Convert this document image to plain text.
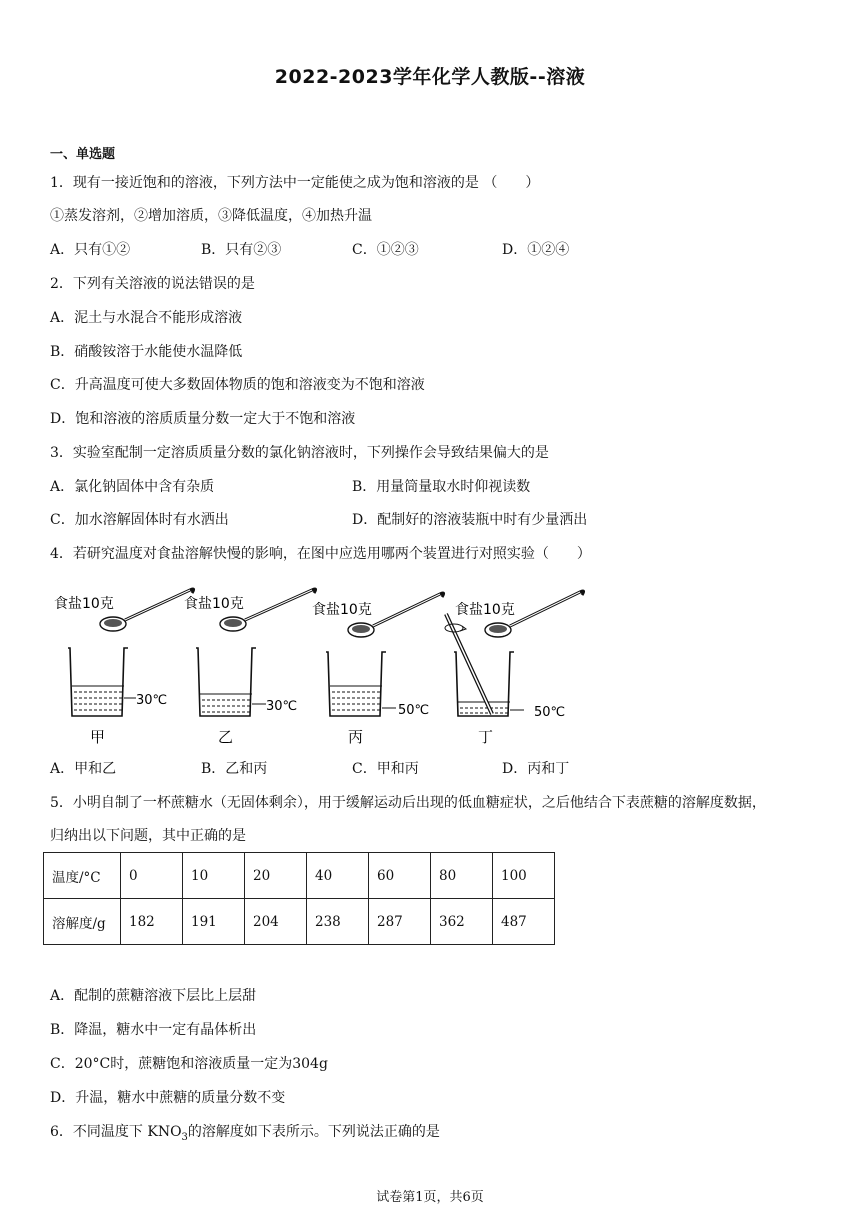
2022-2023学年化学人教版--溶液
一、单选题
1．现有一接近饱和的溶液，下列方法中一定能使之成为饱和溶液的是 （　　）
①蒸发溶剂，②增加溶质，③降低温度，④加热升温
A．只有①②	B．只有②③	C．①②③	D．①②④
2．下列有关溶液的说法错误的是
A．泥土与水混合不能形成溶液
B．硝酸铵溶于水能使水温降低
C．升高温度可使大多数固体物质的饱和溶液变为不饱和溶液
D．饱和溶液的溶质质量分数一定大于不饱和溶液
3．实验室配制一定溶质质量分数的氯化钠溶液时，下列操作会导致结果偏大的是
A．氯化钠固体中含有杂质	B．用量筒量取水时仰视读数
C．加水溶解固体时有水洒出	D．配制好的溶液装瓶中时有少量洒出
4．若研究温度对食盐溶解快慢的影响，在图中应选用哪两个装置进行对照实验（　　）
食盐10克
30℃
甲
食盐10克
30℃
乙
食盐10克
50℃
丙
食盐10克
50℃
丁
A．甲和乙	B．乙和丙	C．甲和丙	D．丙和丁
5．小明自制了一杯蔗糖水（无固体剩余），用于缓解运动后出现的低血糖症状，之后他结合下表蔗糖的溶解度数据，
归纳出以下问题，其中正确的是
温度/°C	0	10	20	40	60	80	100
溶解度/g	182	191	204	238	287	362	487
A．配制的蔗糖溶液下层比上层甜
B．降温，糖水中一定有晶体析出
C．20°C时，蔗糖饱和溶液质量一定为304g
D．升温，糖水中蔗糖的质量分数不变
6．不同温度下 $KNO_3$的溶解度如下表所示。下列说法正确的是
试卷第1页，共6页
